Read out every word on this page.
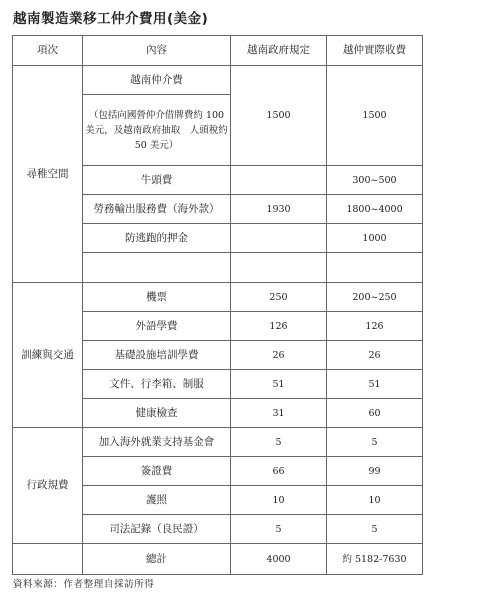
越南製造業移工仲介費用(美金)
項次	內容	越南政府規定	越仲實際收費
尋稚空間	越南仲介費	1500	1500
	（包括向國營仲介借牌費約 100 美元，及越南政府抽取　人頭稅約 50 美元）		
	牛頭費		300~500
	勞務輸出服務費（海外款）	1930	1800~4000
	防逃跑的押金		1000

訓練與交通	機票	250	200~250
	外語學費	126	126
	基礎設施培訓學費	26	26
	文件、行李箱、制服	51	51
	健康檢查	31	60
行政規費	加入海外就業支持基金會	5	5
	簽證費	66	99
	護照	10	10
	司法記錄（良民證）	5	5
	總計	4000	約 5182-7630
資料來源：作者整理自採訪所得
